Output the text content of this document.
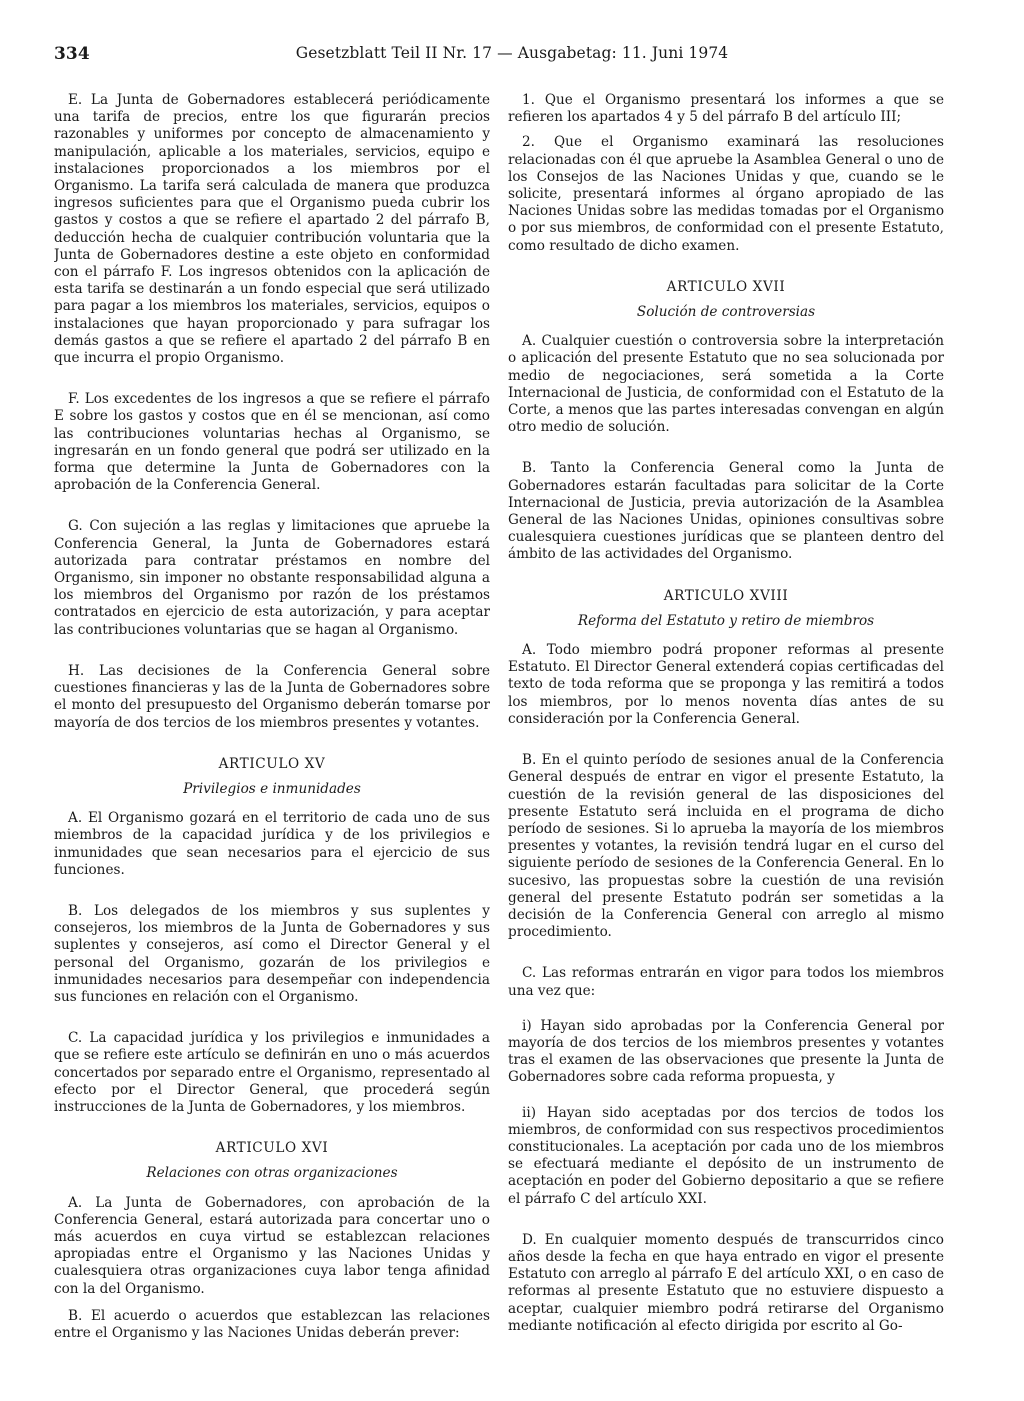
334	Gesetzblatt Teil II Nr. 17 — Ausgabetag: 11. Juni 1974

E. La Junta de Gobernadores establecerá periódicamente una tarifa de precios, entre los que figurarán precios razonables y uniformes por concepto de almacenamiento y manipulación, aplicable a los materiales, servicios, equipo e instalaciones proporcionados a los miembros por el Organismo. La tarifa será calculada de manera que produzca ingresos suficientes para que el Organismo pueda cubrir los gastos y costos a que se refiere el apartado 2 del párrafo B, deducción hecha de cualquier contribución voluntaria que la Junta de Gobernadores destine a este objeto en conformidad con el párrafo F. Los ingresos obtenidos con la aplicación de esta tarifa se destinarán a un fondo especial que será utilizado para pagar a los miembros los materiales, servicios, equipos o instalaciones que hayan proporcionado y para sufragar los demás gastos a que se refiere el apartado 2 del párrafo B en que incurra el propio Organismo.

F. Los excedentes de los ingresos a que se refiere el párrafo E sobre los gastos y costos que en él se mencionan, así como las contribuciones voluntarias hechas al Organismo, se ingresarán en un fondo general que podrá ser utilizado en la forma que determine la Junta de Gobernadores con la aprobación de la Conferencia General.

G. Con sujeción a las reglas y limitaciones que apruebe la Conferencia General, la Junta de Gobernadores estará autorizada para contratar préstamos en nombre del Organismo, sin imponer no obstante responsabilidad alguna a los miembros del Organismo por razón de los préstamos contratados en ejercicio de esta autorización, y para aceptar las contribuciones voluntarias que se hagan al Organismo.

H. Las decisiones de la Conferencia General sobre cuestiones financieras y las de la Junta de Gobernadores sobre el monto del presupuesto del Organismo deberán tomarse por mayoría de dos tercios de los miembros presentes y votantes.

ARTICULO XV
Privilegios e inmunidades

A. El Organismo gozará en el territorio de cada uno de sus miembros de la capacidad jurídica y de los privilegios e inmunidades que sean necesarios para el ejercicio de sus funciones.

B. Los delegados de los miembros y sus suplentes y consejeros, los miembros de la Junta de Gobernadores y sus suplentes y consejeros, así como el Director General y el personal del Organismo, gozarán de los privilegios e inmunidades necesarios para desempeñar con independencia sus funciones en relación con el Organismo.

C. La capacidad jurídica y los privilegios e inmunidades a que se refiere este artículo se definirán en uno o más acuerdos concertados por separado entre el Organismo, representado al efecto por el Director General, que procederá según instrucciones de la Junta de Gobernadores, y los miembros.

ARTICULO XVI
Relaciones con otras organizaciones

A. La Junta de Gobernadores, con aprobación de la Conferencia General, estará autorizada para concertar uno o más acuerdos en cuya virtud se establezcan relaciones apropiadas entre el Organismo y las Naciones Unidas y cualesquiera otras organizaciones cuya labor tenga afinidad con la del Organismo.

B. El acuerdo o acuerdos que establezcan las relaciones entre el Organismo y las Naciones Unidas deberán prever:

1. Que el Organismo presentará los informes a que se refieren los apartados 4 y 5 del párrafo B del artículo III;

2. Que el Organismo examinará las resoluciones relacionadas con él que apruebe la Asamblea General o uno de los Consejos de las Naciones Unidas y que, cuando se le solicite, presentará informes al órgano apropiado de las Naciones Unidas sobre las medidas tomadas por el Organismo o por sus miembros, de conformidad con el presente Estatuto, como resultado de dicho examen.

ARTICULO XVII
Solución de controversias

A. Cualquier cuestión o controversia sobre la interpretación o aplicación del presente Estatuto que no sea solucionada por medio de negociaciones, será sometida a la Corte Internacional de Justicia, de conformidad con el Estatuto de la Corte, a menos que las partes interesadas convengan en algún otro medio de solución.

B. Tanto la Conferencia General como la Junta de Gobernadores estarán facultadas para solicitar de la Corte Internacional de Justicia, previa autorización de la Asamblea General de las Naciones Unidas, opiniones consultivas sobre cualesquiera cuestiones jurídicas que se planteen dentro del ámbito de las actividades del Organismo.

ARTICULO XVIII
Reforma del Estatuto y retiro de miembros

A. Todo miembro podrá proponer reformas al presente Estatuto. El Director General extenderá copias certificadas del texto de toda reforma que se proponga y las remitirá a todos los miembros, por lo menos noventa días antes de su consideración por la Conferencia General.

B. En el quinto período de sesiones anual de la Conferencia General después de entrar en vigor el presente Estatuto, la cuestión de la revisión general de las disposiciones del presente Estatuto será incluida en el programa de dicho período de sesiones. Si lo aprueba la mayoría de los miembros presentes y votantes, la revisión tendrá lugar en el curso del siguiente período de sesiones de la Conferencia General. En lo sucesivo, las propuestas sobre la cuestión de una revisión general del presente Estatuto podrán ser sometidas a la decisión de la Conferencia General con arreglo al mismo procedimiento.

C. Las reformas entrarán en vigor para todos los miembros una vez que:

i) Hayan sido aprobadas por la Conferencia General por mayoría de dos tercios de los miembros presentes y votantes tras el examen de las observaciones que presente la Junta de Gobernadores sobre cada reforma propuesta, y

ii) Hayan sido aceptadas por dos tercios de todos los miembros, de conformidad con sus respectivos procedimientos constitucionales. La aceptación por cada uno de los miembros se efectuará mediante el depósito de un instrumento de aceptación en poder del Gobierno depositario a que se refiere el párrafo C del artículo XXI.

D. En cualquier momento después de transcurridos cinco años desde la fecha en que haya entrado en vigor el presente Estatuto con arreglo al párrafo E del artículo XXI, o en caso de reformas al presente Estatuto que no estuviere dispuesto a aceptar, cualquier miembro podrá retirarse del Organismo mediante notificación al efecto dirigida por escrito al Go-
